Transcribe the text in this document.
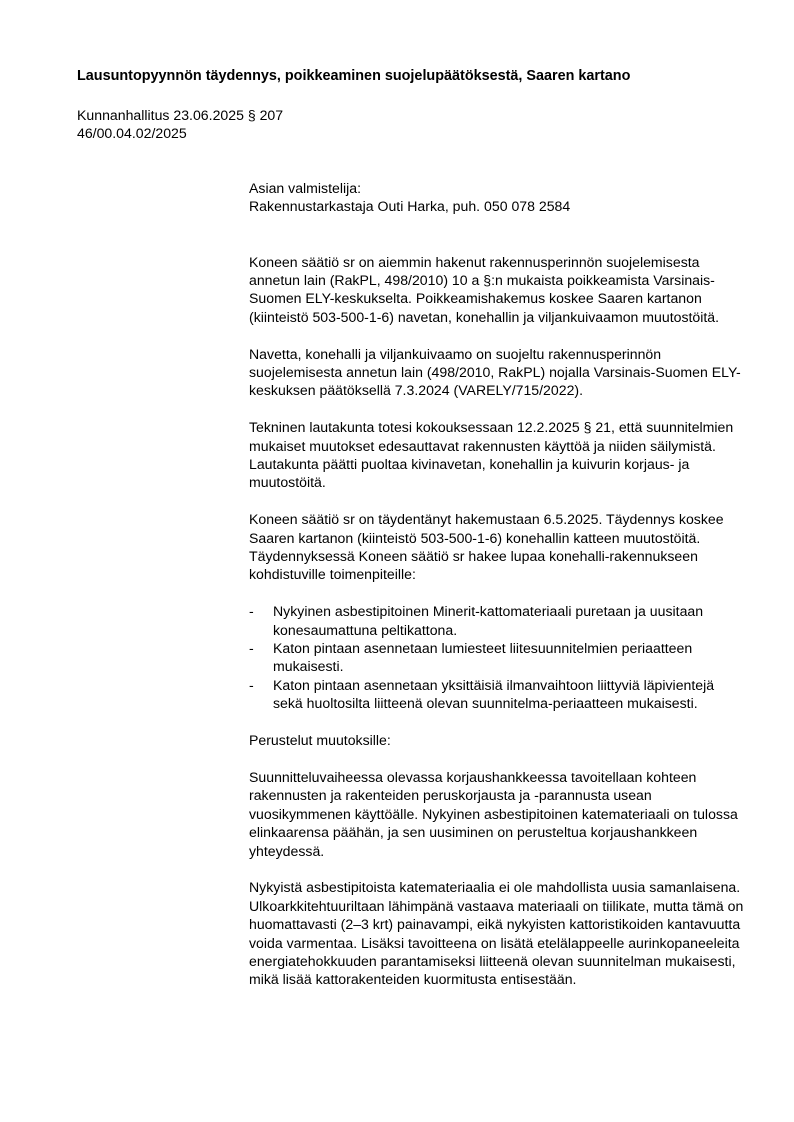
Lausuntopyynnön täydennys, poikkeaminen suojelupäätöksestä, Saaren kartano
Kunnanhallitus 23.06.2025 § 207
46/00.04.02/2025

Asian valmistelija:
Rakennustarkastaja Outi Harka, puh. 050 078 2584

Koneen säätiö sr on aiemmin hakenut rakennusperinnön suojelemisesta annetun lain (RakPL, 498/2010) 10 a §:n mukaista poikkeamista Varsinais-Suomen ELY-keskukselta. Poikkeamishakemus koskee Saaren kartanon (kiinteistö 503-500-1-6) navetan, konehallin ja viljankuivaamon muutostöitä.

Navetta, konehalli ja viljankuivaamo on suojeltu rakennusperinnön suojelemisesta annetun lain (498/2010, RakPL) nojalla Varsinais-Suomen ELY-keskuksen päätöksellä 7.3.2024 (VARELY/715/2022).

Tekninen lautakunta totesi kokouksessaan 12.2.2025 § 21, että suunnitelmien mukaiset muutokset edesauttavat rakennusten käyttöä ja niiden säilymistä. Lautakunta päätti puoltaa kivinavetan, konehallin ja kuivurin korjaus- ja muutostöitä.

Koneen säätiö sr on täydentänyt hakemustaan 6.5.2025. Täydennys koskee Saaren kartanon (kiinteistö 503-500-1-6) konehallin katteen muutostöitä. Täydennyksessä Koneen säätiö sr hakee lupaa konehalli-rakennukseen kohdistuville toimenpiteille:

- Nykyinen asbestipitoinen Minerit-kattomateriaali puretaan ja uusitaan konesaumattuna peltikattona.
- Katon pintaan asennetaan lumiesteet liitesuunnitelmien periaatteen mukaisesti.
- Katon pintaan asennetaan yksittäisiä ilmanvaihtoon liittyviä läpivientejä sekä huoltosilta liitteenä olevan suunnitelma-periaatteen mukaisesti.

Perustelut muutoksille:

Suunnitteluvaiheessa olevassa korjaushankkeessa tavoitellaan kohteen rakennusten ja rakenteiden peruskorjausta ja -parannusta usean vuosikymmenen käyttöälle. Nykyinen asbestipitoinen katemateriaali on tulossa elinkaarensa päähän, ja sen uusiminen on perusteltua korjaushankkeen yhteydessä.

Nykyistä asbestipitoista katemateriaalia ei ole mahdollista uusia samanlaisena. Ulkoarkkitehtuuriltaan lähimpänä vastaava materiaali on tiilikate, mutta tämä on huomattavasti (2–3 krt) painavampi, eikä nykyisten kattoristikoiden kantavuutta voida varmentaa. Lisäksi tavoitteena on lisätä etelälappeelle aurinkopaneeleita energiatehokkuuden parantamiseksi liitteenä olevan suunnitelman mukaisesti, mikä lisää kattorakenteiden kuormitusta entisestään.
